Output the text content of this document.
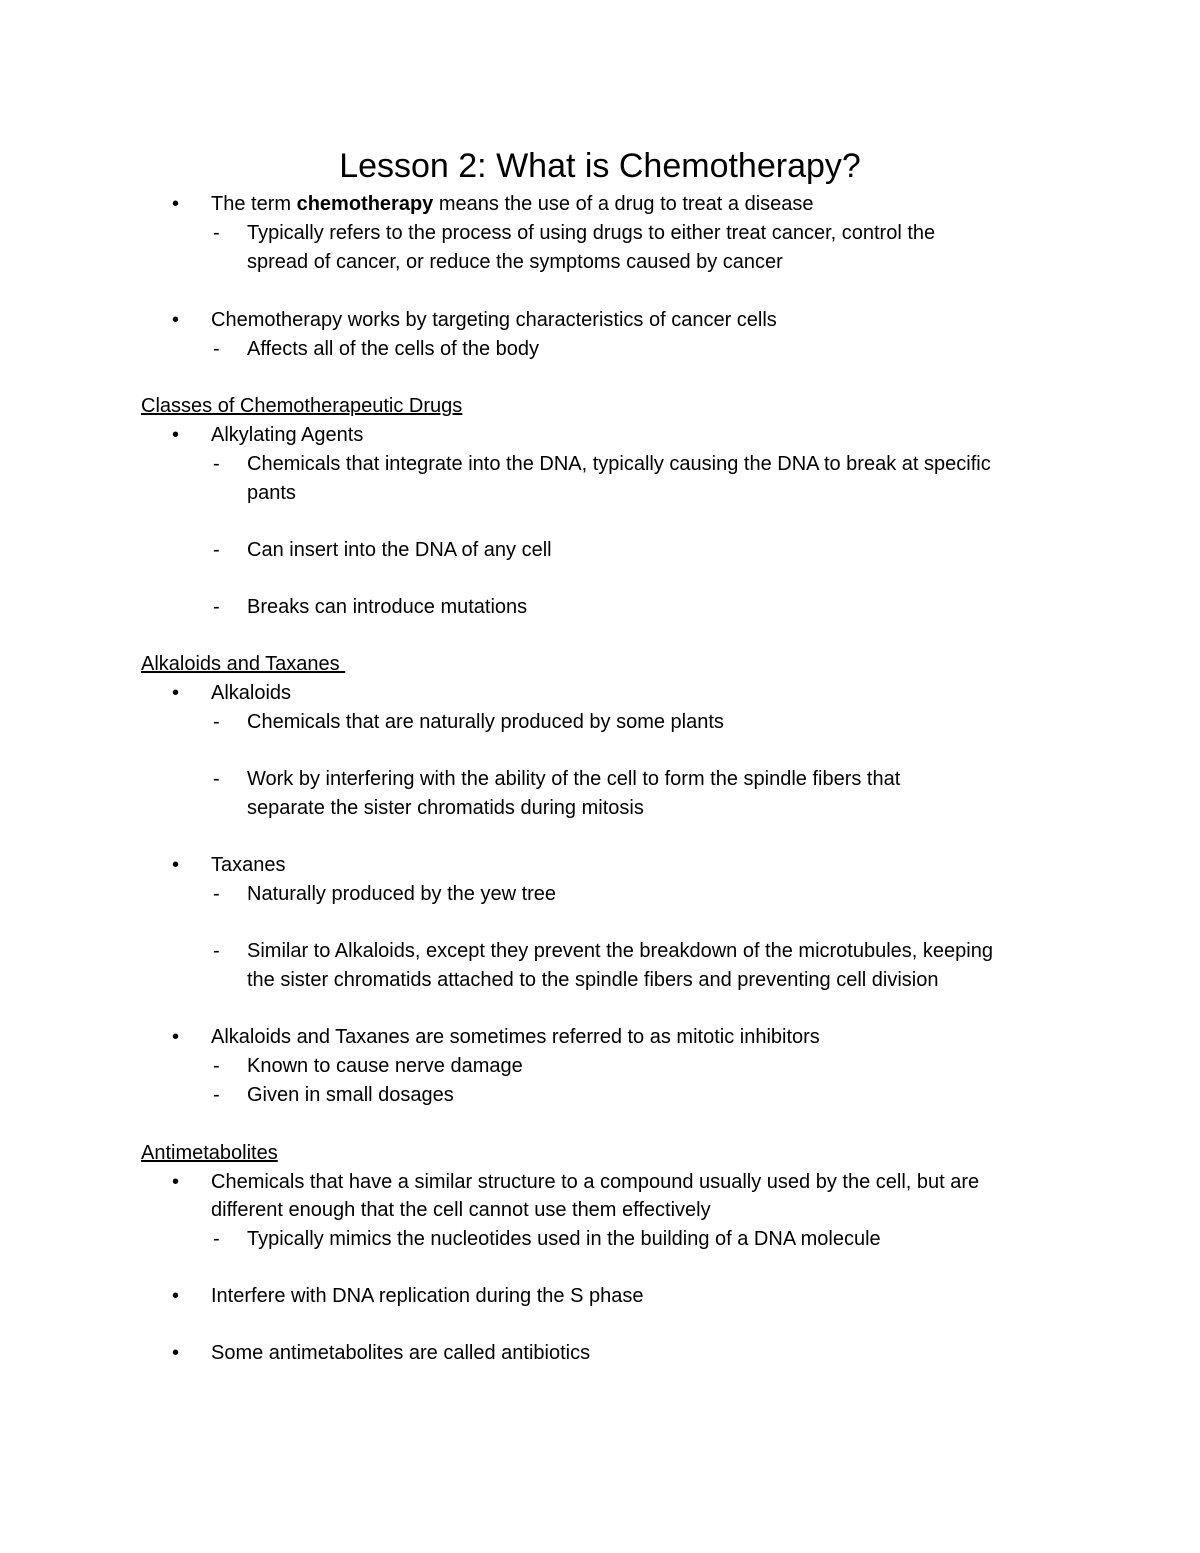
Lesson 2: What is Chemotherapy?
• The term chemotherapy means the use of a drug to treat a disease
- Typically refers to the process of using drugs to either treat cancer, control the
spread of cancer, or reduce the symptoms caused by cancer
• Chemotherapy works by targeting characteristics of cancer cells
- Affects all of the cells of the body
Classes of Chemotherapeutic Drugs
• Alkylating Agents
- Chemicals that integrate into the DNA, typically causing the DNA to break at specific
pants
- Can insert into the DNA of any cell
- Breaks can introduce mutations
Alkaloids and Taxanes
• Alkaloids
- Chemicals that are naturally produced by some plants
- Work by interfering with the ability of the cell to form the spindle fibers that
separate the sister chromatids during mitosis
• Taxanes
- Naturally produced by the yew tree
- Similar to Alkaloids, except they prevent the breakdown of the microtubules, keeping
the sister chromatids attached to the spindle fibers and preventing cell division
• Alkaloids and Taxanes are sometimes referred to as mitotic inhibitors
- Known to cause nerve damage
- Given in small dosages
Antimetabolites
• Chemicals that have a similar structure to a compound usually used by the cell, but are
different enough that the cell cannot use them effectively
- Typically mimics the nucleotides used in the building of a DNA molecule
• Interfere with DNA replication during the S phase
• Some antimetabolites are called antibiotics
